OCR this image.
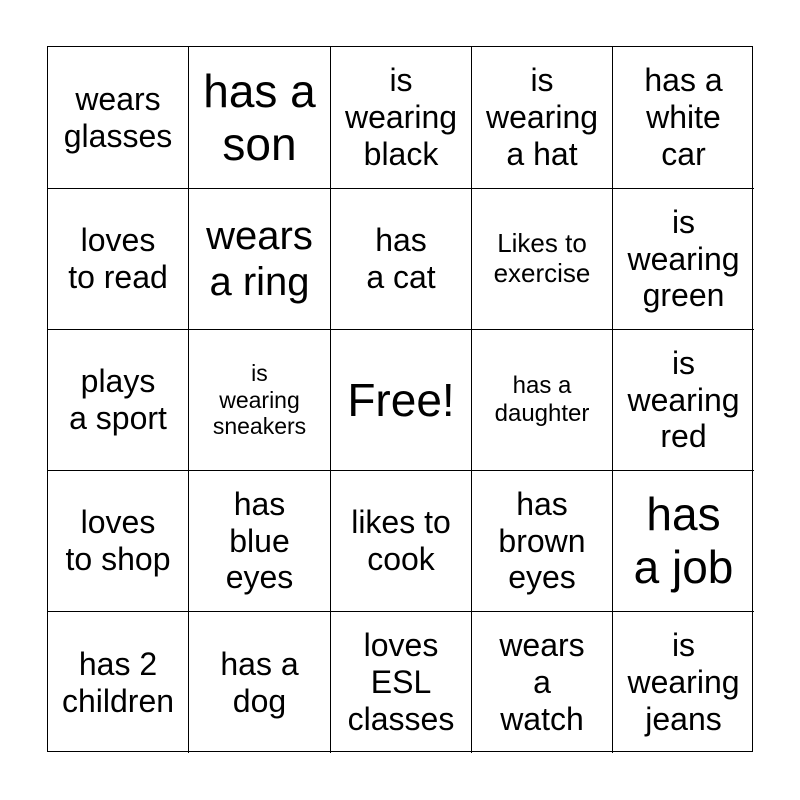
wears
glasses
has a
son
is
wearing
black
is
wearing
a hat
has a
white
car
loves
to read
wears
a ring
has
a cat
Likes to
exercise
is
wearing
green
plays
a sport
is
wearing
sneakers
Free!	has a
daughter
is
wearing
red
loves
to shop
has
blue
eyes
likes to
cook
has
brown
eyes
has
a job
has 2
children
has a
dog
loves
ESL
classes
wears
a
watch
is
wearing
jeans
